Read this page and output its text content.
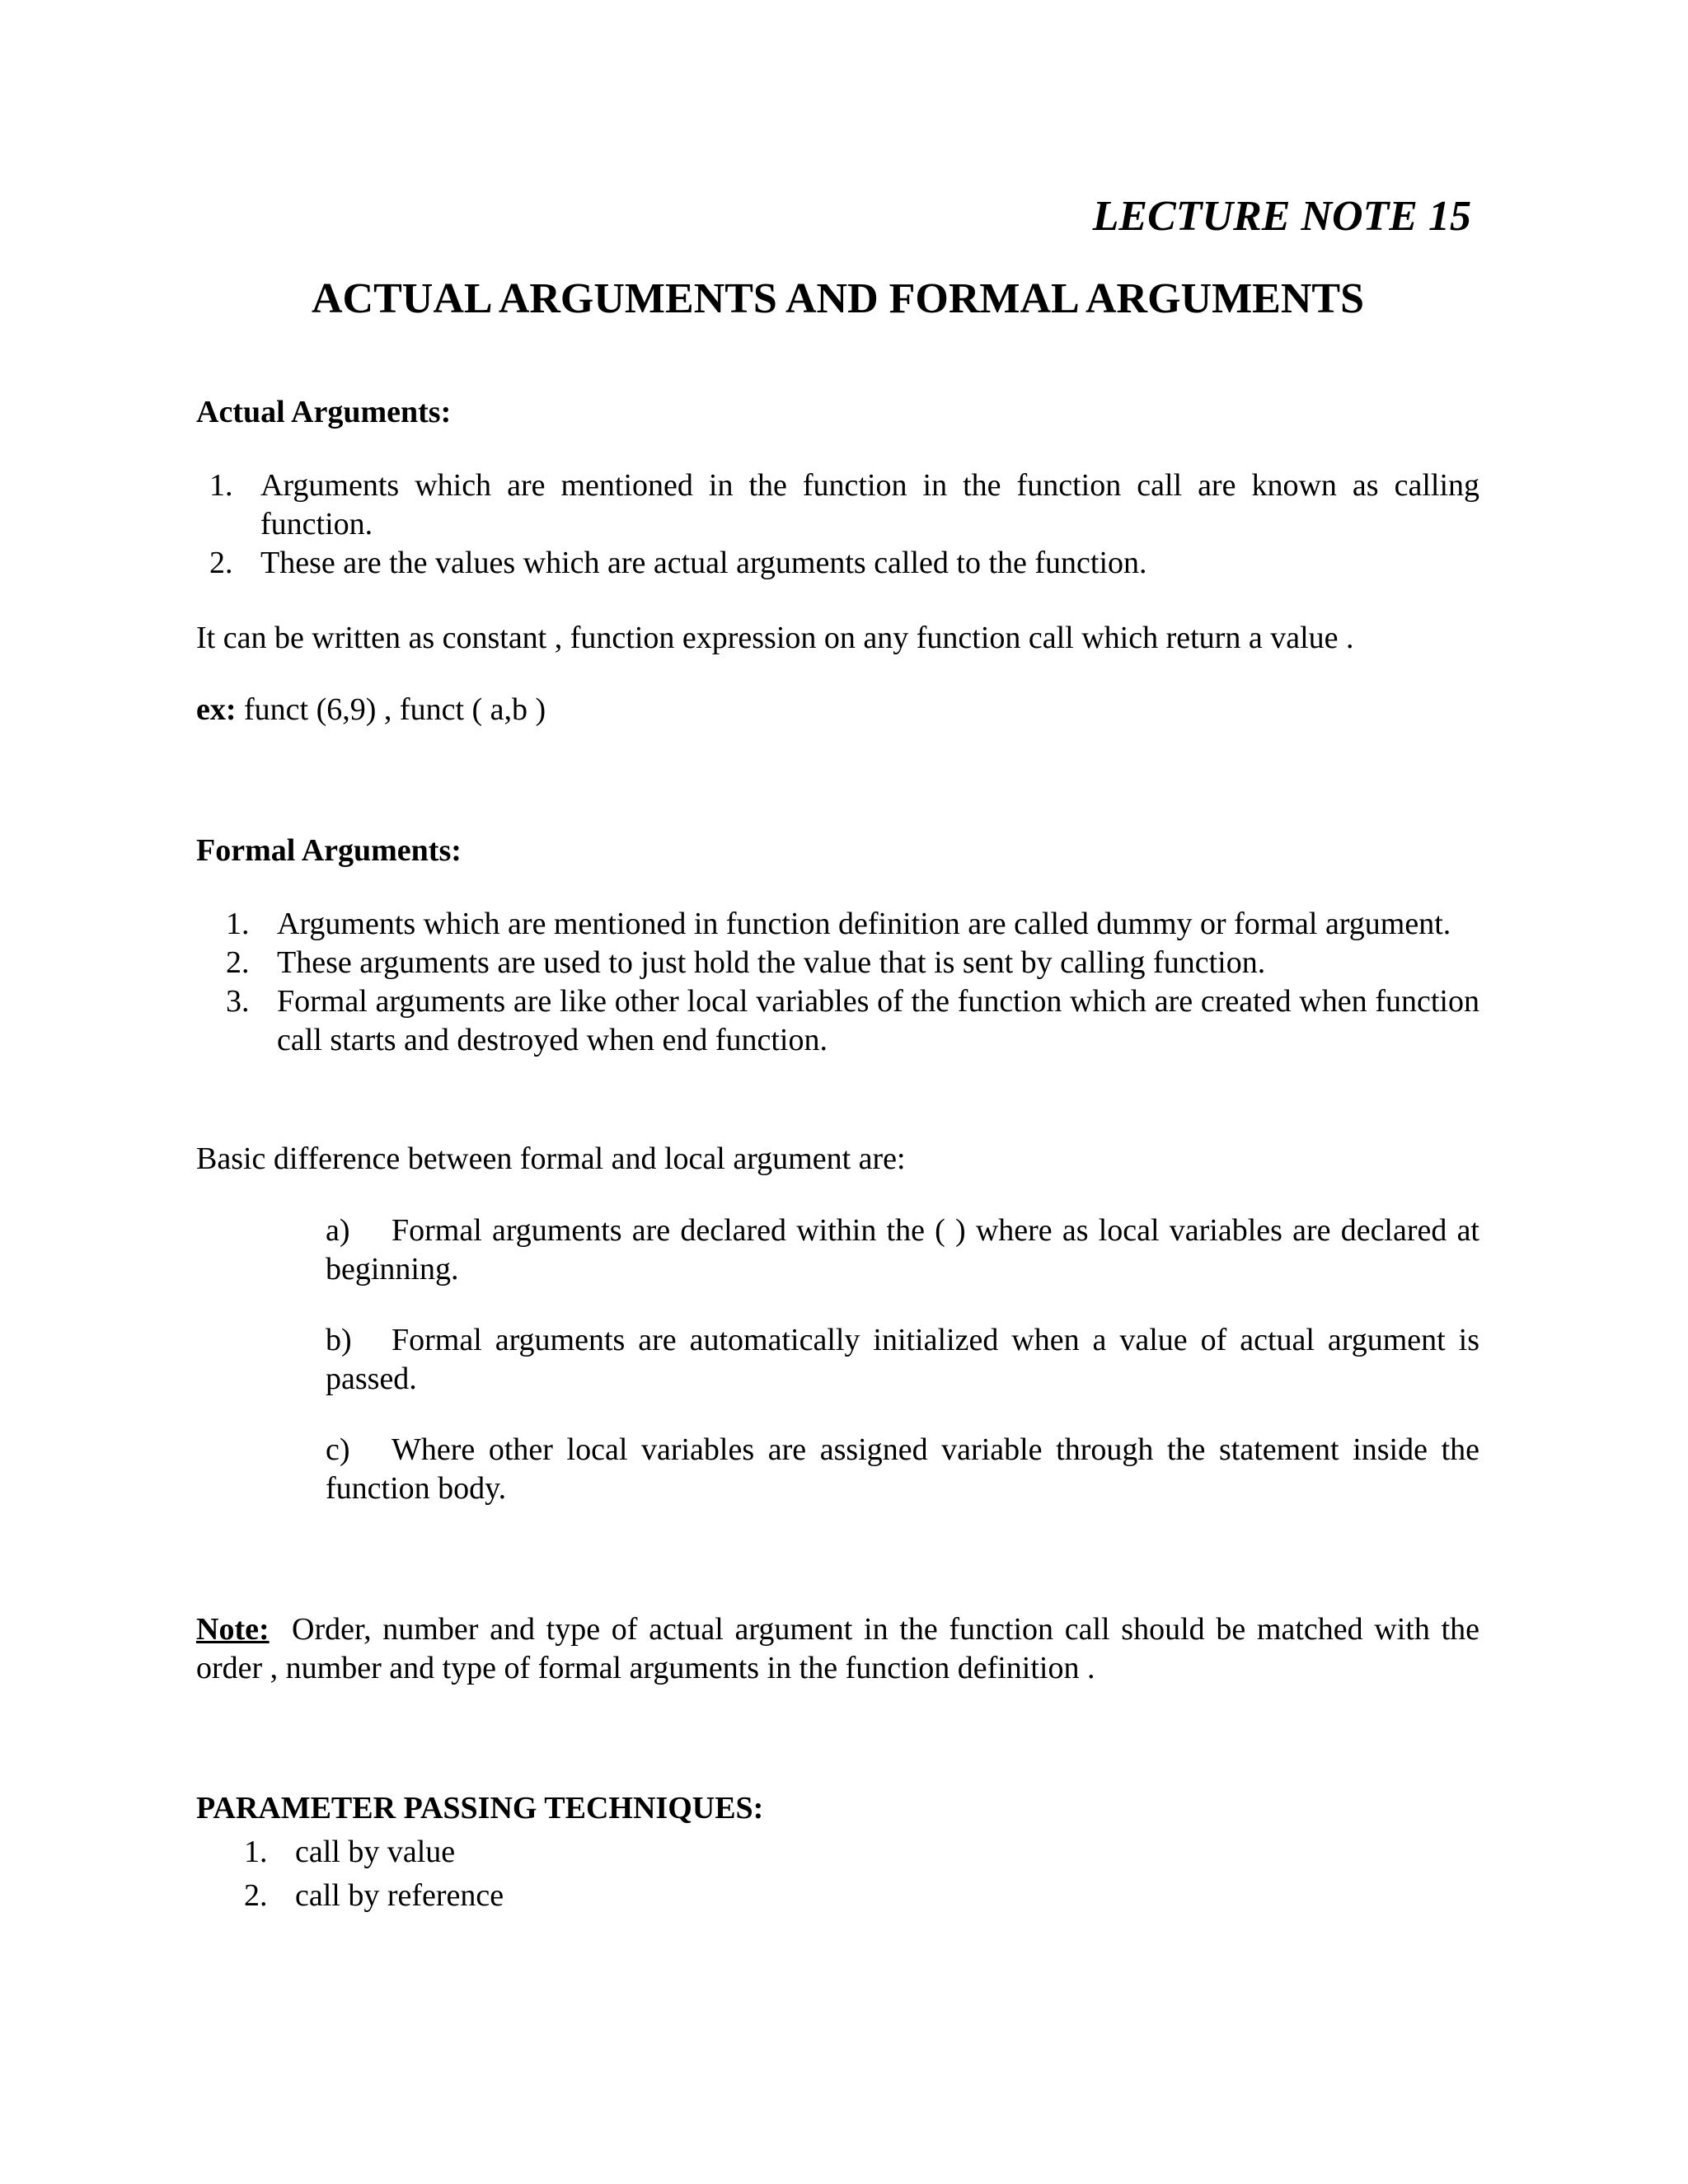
LECTURE NOTE 15
ACTUAL ARGUMENTS AND FORMAL ARGUMENTS
Actual Arguments:
1. Arguments which are mentioned in the function in the function call are known as calling function.
2. These are the values which are actual arguments called to the function.

It can be written as constant , function expression on any function call which return a value .

ex: funct (6,9) , funct ( a,b )

Formal Arguments:
1. Arguments which are mentioned in function definition are called dummy or formal argument.
2. These arguments are used to just hold the value that is sent by calling function.
3. Formal arguments are like other local variables of the function which are created when function call starts and destroyed when end function.

Basic difference between formal and local argument are:

a) Formal arguments are declared within the ( ) where as local variables are declared at beginning.

b) Formal arguments are automatically initialized when a value of actual argument is passed.

c) Where other local variables are assigned variable through the statement inside the function body.

Note:  Order, number and type of actual argument in the function call should be matched with the order , number and type of formal arguments in the function definition .

PARAMETER PASSING TECHNIQUES:
1. call by value
2. call by reference
